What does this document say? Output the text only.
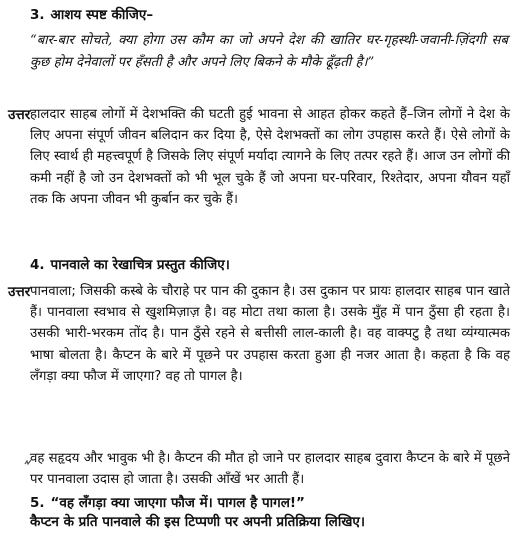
3. आशय स्पष्ट कीजिए–
“बार-बार सोचते, क्या होगा उस कौम का जो अपने देश की खातिर घर-गृहस्थी-जवानी-ज़िंदगी सब कुछ होम देनेवालों पर हँसती है और अपने लिए बिकने के मौके ढूँढ़ती है।”
उत्तर हालदार साहब लोगों में देशभक्ति की घटती हुई भावना से आहत होकर कहते हैं–जिन लोगों ने देश के लिए अपना संपूर्ण जीवन बलिदान कर दिया है, ऐसे देशभक्तों का लोग उपहास करते हैं। ऐसे लोगों के लिए स्वार्थ ही महत्त्वपूर्ण है जिसके लिए संपूर्ण मर्यादा त्यागने के लिए तत्पर रहते हैं। आज उन लोगों की कमी नहीं है जो उन देशभक्तों को भी भूल चुके हैं जो अपना घर-परिवार, रिश्तेदार, अपना यौवन यहाँ तक कि अपना जीवन भी कुर्बान कर चुके हैं।
4. पानवाले का रेखाचित्र प्रस्तुत कीजिए।
उत्तर पानवाला; जिसकी कस्बे के चौराहे पर पान की दुकान है। उस दुकान पर प्रायः हालदार साहब पान खाते हैं। पानवाला स्वभाव से खुशमिज़ाज़ है। वह मोटा तथा काला है। उसके मुँह में पान ठुँसा ही रहता है। उसकी भारी-भरकम तोंद है। पान ठुँसे रहने से बत्तीसी लाल-काली है। वह वाक्पटु है तथा व्यंग्यात्मक भाषा बोलता है। कैप्टन के बारे में पूछने पर उपहास करता हुआ ही नजर आता है। कहता है कि वह लँगड़ा क्या फौज में जाएगा? वह तो पागल है।
वह सहृदय और भावुक भी है। कैप्टन की मौत हो जाने पर हालदार साहब दुवारा कैप्टन के बारे में पूछने पर पानवाला उदास हो जाता है। उसकी आँखें भर आती हैं।
5. “वह लँगड़ा क्या जाएगा फौज में। पागल है पागल!”
कैप्टन के प्रति पानवाले की इस टिप्पणी पर अपनी प्रतिक्रिया लिखिए।
